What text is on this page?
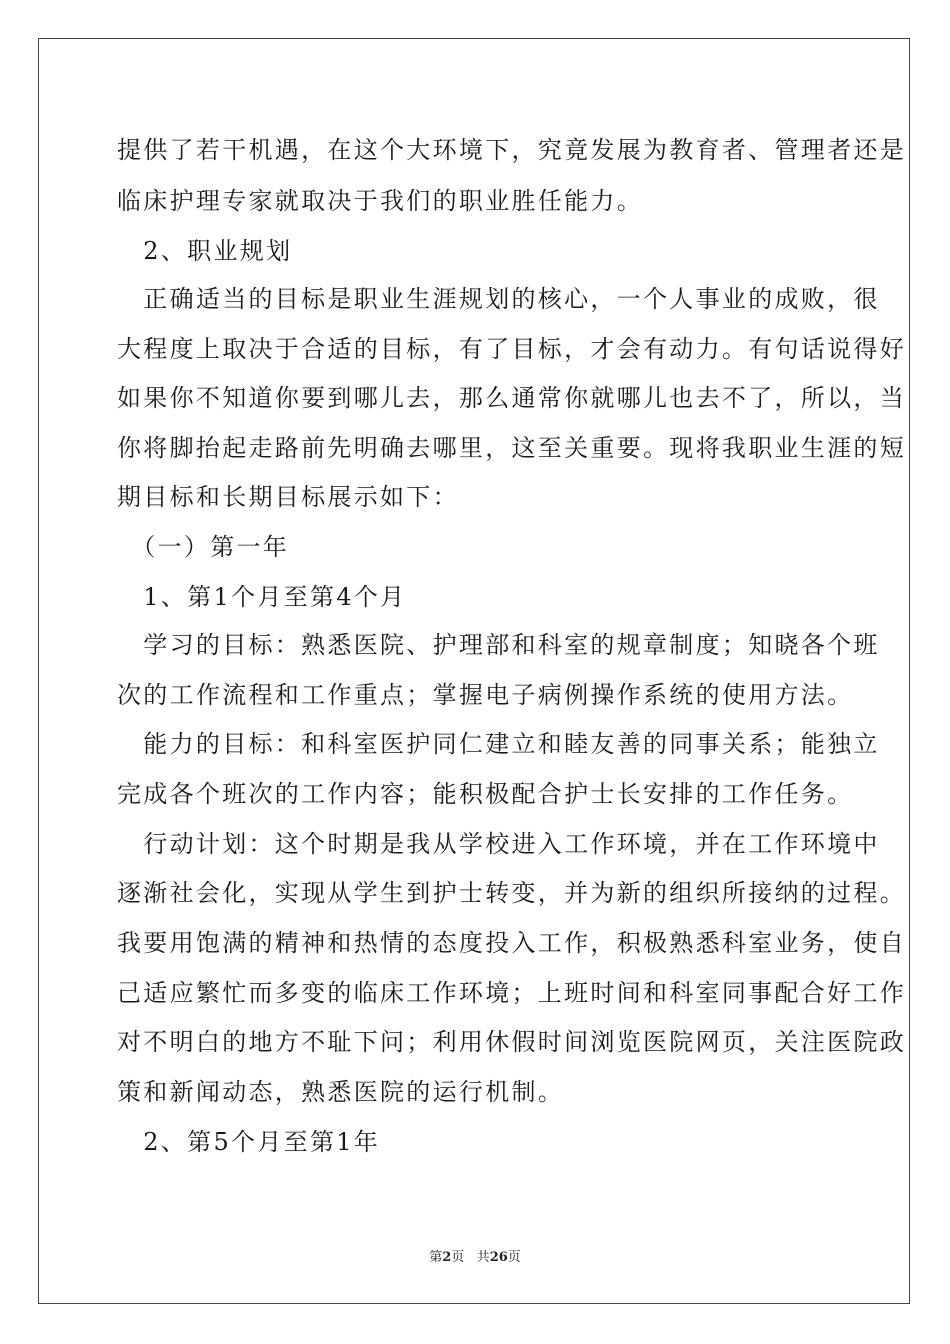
提供了若干机遇，在这个大环境下，究竟发展为教育者、管理者还是
临床护理专家就取决于我们的职业胜任能力。
　2、职业规划
　正确适当的目标是职业生涯规划的核心，一个人事业的成败，很
大程度上取决于合适的目标，有了目标，才会有动力。有句话说得好
如果你不知道你要到哪儿去，那么通常你就哪儿也去不了，所以，当
你将脚抬起走路前先明确去哪里，这至关重要。现将我职业生涯的短
期目标和长期目标展示如下：
　（一）第一年
　1、第1个月至第4个月
　学习的目标：熟悉医院、护理部和科室的规章制度；知晓各个班
次的工作流程和工作重点；掌握电子病例操作系统的使用方法。
　能力的目标：和科室医护同仁建立和睦友善的同事关系；能独立
完成各个班次的工作内容；能积极配合护士长安排的工作任务。
　行动计划：这个时期是我从学校进入工作环境，并在工作环境中
逐渐社会化，实现从学生到护士转变，并为新的组织所接纳的过程。
我要用饱满的精神和热情的态度投入工作，积极熟悉科室业务，使自
己适应繁忙而多变的临床工作环境；上班时间和科室同事配合好工作
对不明白的地方不耻下问；利用休假时间浏览医院网页，关注医院政
策和新闻动态，熟悉医院的运行机制。
　2、第5个月至第1年
第2页 共26页
